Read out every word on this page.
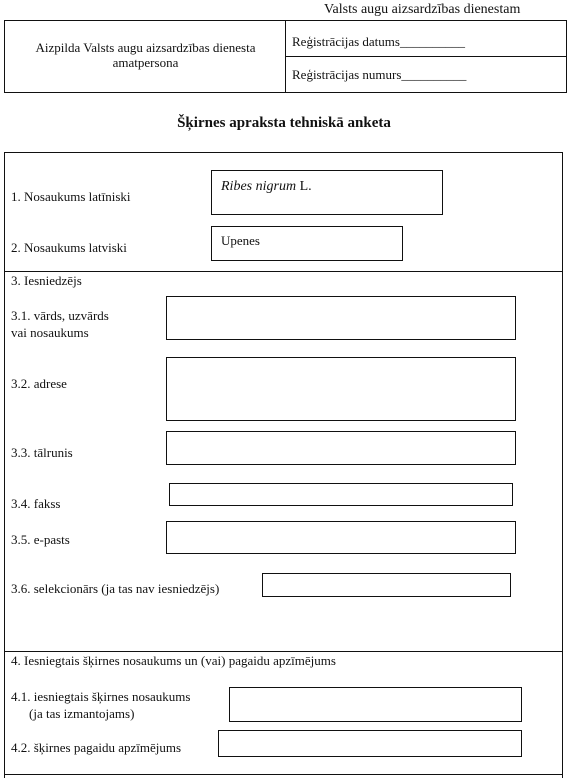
Valsts augu aizsardzības dienestam
Aizpilda Valsts augu aizsardzības dienesta amatpersona
Reģistrācijas datums__________
Reģistrācijas numurs__________
Šķirnes apraksta tehniskā anketa
1. Nosaukums latīniski
Ribes nigrum L.
2. Nosaukums latviski	Upenes
3. Iesniedzējs
3.1. vārds, uzvārds
vai nosaukums
3.2. adrese
3.3. tālrunis
3.4. fakss
3.5. e-pasts
3.6. selekcionārs (ja tas nav iesniedzējs)
4. Iesniegtais šķirnes nosaukums un (vai) pagaidu apzīmējums
4.1. iesniegtais šķirnes nosaukums
(ja tas izmantojams)
4.2. šķirnes pagaidu apzīmējums
